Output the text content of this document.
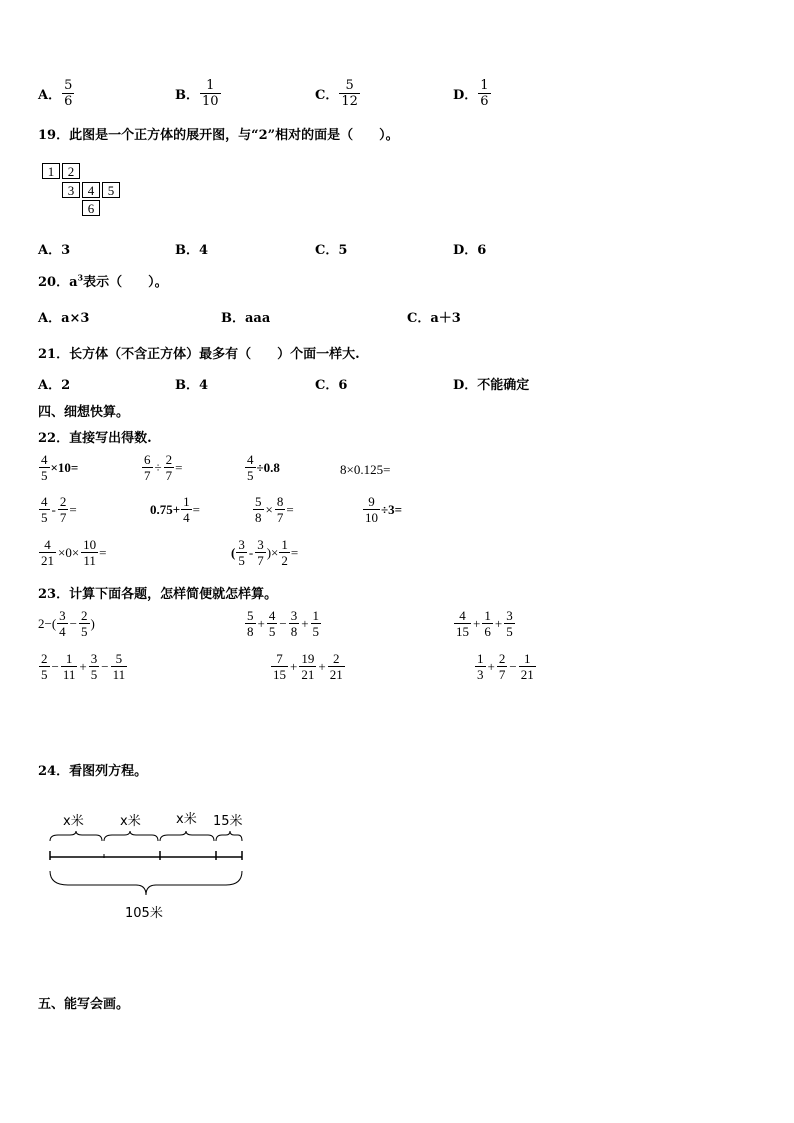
A． $\frac{5}{6}$	B． $\frac{1}{10}$	C． $\frac{5}{12}$	D． $\frac{1}{6}$
19．此图是一个正方体的展开图，与“2”相对的面是（　　）。
1	2
3	4	5
6
A．3	B．4	C．5	D．6
20．$a^3$表示（　　）。
A．a×3	B．aaa	C．a＋3
21．长方体（不含正方体）最多有（　　）个面一样大.
A．2	B．4	C．6	D．不能确定
四、细想快算。
22．直接写出得数.
$\frac{4}{5} \times 10=$	$\frac{6}{7} \div \frac{2}{7}$ =	$\frac{4}{5} \div 0.8$	8×0.125=
$\frac{4}{5} - \frac{2}{7}$ =	$0.75+ \frac{1}{4}$ =	$\frac{5}{8} \times \frac{8}{7}$ =	$\frac{9}{10} \div 3=$
$\frac{4}{21} \times 0\times \frac{10}{11}$ =	( $\frac{3}{5} - \frac{3}{7}$ )× $\frac{1}{2}$ =
23．计算下面各题，怎样简便就怎样算。
$2-( \frac{3}{4} - \frac{2}{5}$ )	$\frac{5}{8} + \frac{4}{5} - \frac{3}{8} + \frac{1}{5}$	$\frac{4}{15} + \frac{1}{6} + \frac{3}{5}$
$\frac{2}{5} - \frac{1}{11} + \frac{3}{5} - \frac{5}{11}$	$\frac{7}{15} + \frac{19}{21} + \frac{2}{21}$	$\frac{1}{3} + \frac{2}{7} - \frac{1}{21}$
24．看图列方程。
x米	x米	x米 15米
105米
五、能写会画。
